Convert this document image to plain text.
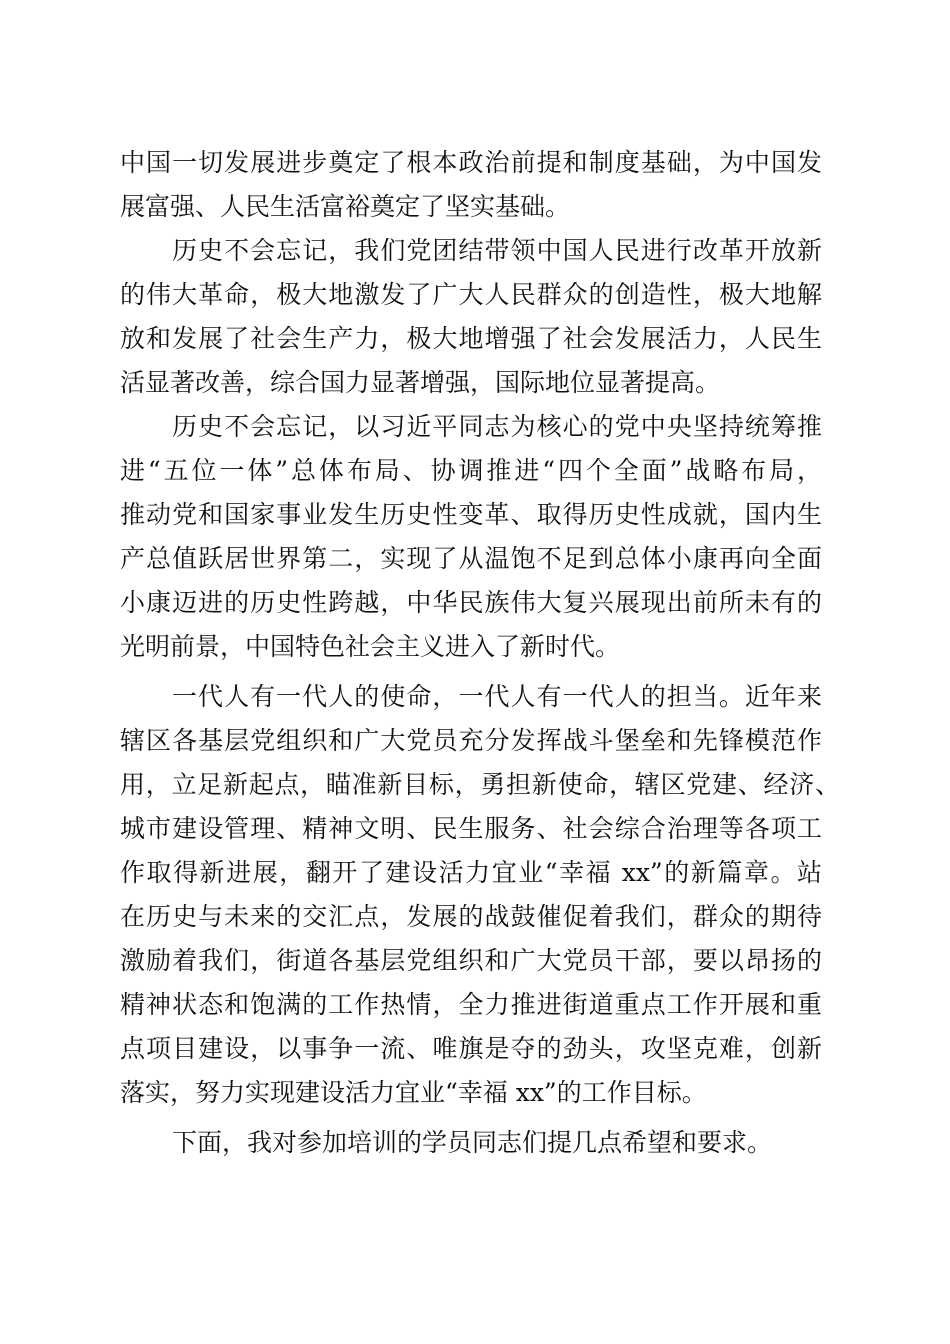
中国一切发展进步奠定了根本政治前提和制度基础，为中国发
展富强、人民生活富裕奠定了坚实基础。
历史不会忘记，我们党团结带领中国人民进行改革开放新
的伟大革命，极大地激发了广大人民群众的创造性，极大地解
放和发展了社会生产力，极大地增强了社会发展活力，人民生
活显著改善，综合国力显著增强，国际地位显著提高。
历史不会忘记，以习近平同志为核心的党中央坚持统筹推
进“五位一体”总体布局、协调推进“四个全面”战略布局，
推动党和国家事业发生历史性变革、取得历史性成就，国内生
产总值跃居世界第二，实现了从温饱不足到总体小康再向全面
小康迈进的历史性跨越，中华民族伟大复兴展现出前所未有的
光明前景，中国特色社会主义进入了新时代。
一代人有一代人的使命，一代人有一代人的担当。近年来
辖区各基层党组织和广大党员充分发挥战斗堡垒和先锋模范作
用，立足新起点，瞄准新目标，勇担新使命，辖区党建、经济、
城市建设管理、精神文明、民生服务、社会综合治理等各项工
作取得新进展，翻开了建设活力宜业“幸福 xx”的新篇章。站
在历史与未来的交汇点，发展的战鼓催促着我们，群众的期待
激励着我们，街道各基层党组织和广大党员干部，要以昂扬的
精神状态和饱满的工作热情，全力推进街道重点工作开展和重
点项目建设，以事争一流、唯旗是夺的劲头，攻坚克难，创新
落实，努力实现建设活力宜业“幸福 xx”的工作目标。
下面，我对参加培训的学员同志们提几点希望和要求。
